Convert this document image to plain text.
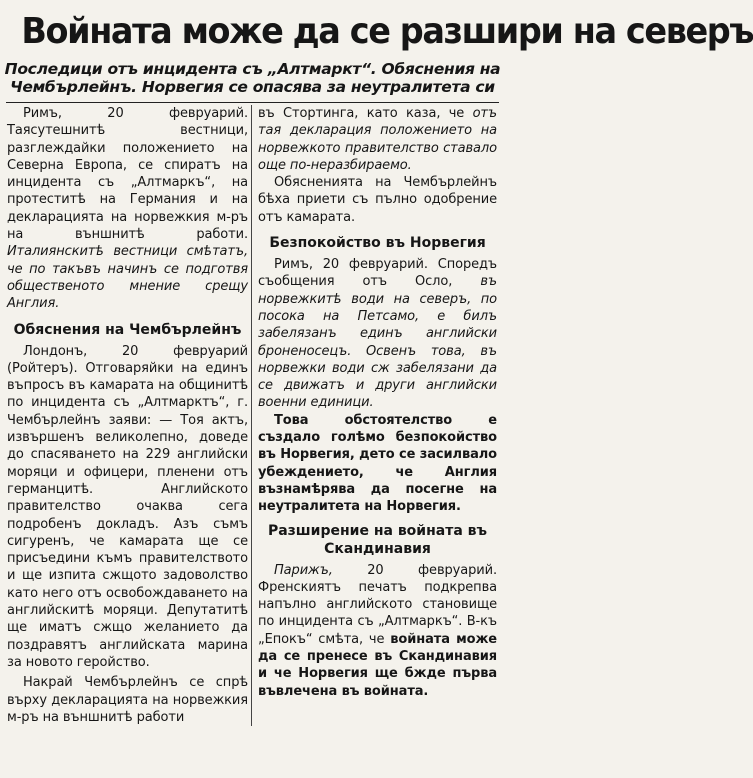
Войната може да се разшири на северъ
Последици отъ инцидента съ „Алтмаркт“. Обяснения на Чембърлейнъ. Норвегия се опасява за неутралитета си

Римъ, 20 февруарий. Таясутешнитѣ вестници, разглеждайки положението на Северна Европа, се спиратъ на инцидента съ „Алтмаркъ“, на протеститѣ на Германия и на декларацията на норвежкия м-ръ на външнитѣ работи. Италиянскитѣ вестници смѣтатъ, че по такъвъ начинъ се подготвя общественото мнение срещу Англия.

Обяснения на Чембърлейнъ

Лондонъ, 20 февруарий (Ройтеръ). Отговаряйки на единъ въпросъ въ камарата на общинитѣ по инцидента съ „Алтмарктъ“, г. Чембърлейнъ заяви: — Тоя актъ, извършенъ великолепно, доведе до спасяването на 229 английски моряци и офицери, пленени отъ германцитѣ. Английското правителство очаква сега подробенъ докладъ. Азъ съмъ сигуренъ, че камарата ще се присъедини къмъ правителството и ще изпита сжщото задоволство като него отъ освобождаването на английскитѣ моряци. Депутатитѣ ще иматъ сжщо желанието да поздравятъ английската марина за новото геройство.

Накрай Чембърлейнъ се спрѣ върху декларацията на норвежкия м-ръ на външнитѣ работи

въ Стортинга, като каза, че отъ тая декларация положението на норвежкото правителство ставало още по-неразбираемо.

Обясненията на Чембърлейнъ бѣха приети съ пълно одобрение отъ камарата.

Безпокойство въ Норвегия

Римъ, 20 февруарий. Споредъ съобщения отъ Осло, въ норвежкитѣ води на северъ, по посока на Петсамо, е билъ забелязанъ единъ английски броненосецъ. Освенъ това, въ норвежки води сж забелязани да се движатъ и други английски военни единици.

Това обстоятелство е създало голѣмо безпокойство въ Норвегия, дето се засилвало убеждението, че Англия възнамѣрява да посегне на неутралитета на Норвегия.

Разширение на войната въ Скандинавия

Парижъ, 20 февруарий. Френскиятъ печатъ подкрепва напълно английското становище по инцидента съ „Алтмаркъ“. В-къ „Епокъ“ смѣта, че войната може да се пренесе въ Скандинавия и че Норвегия ще бжде първа въвлечена въ войната.
